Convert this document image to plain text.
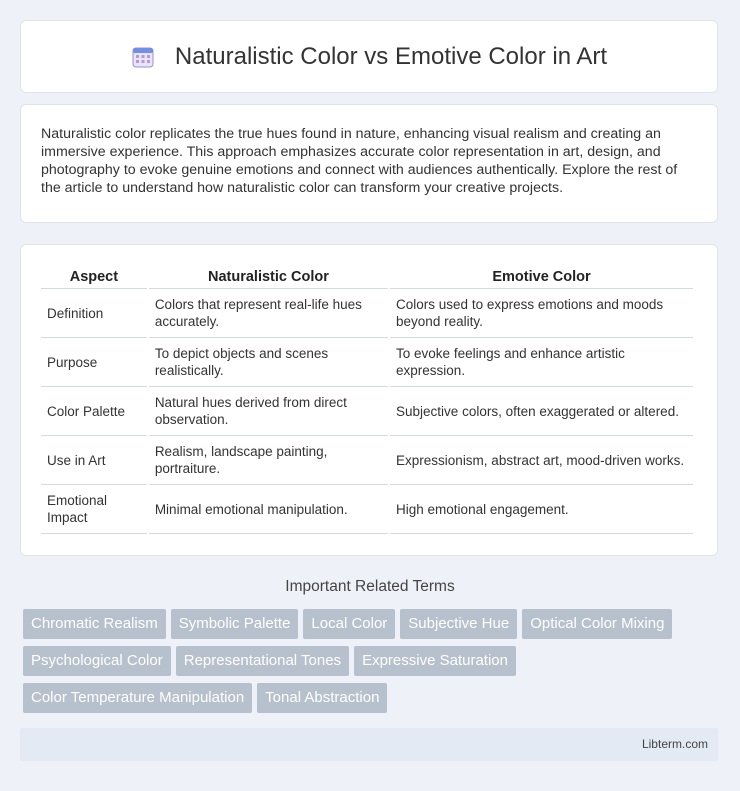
Naturalistic Color vs Emotive Color in Art

Naturalistic color replicates the true hues found in nature, enhancing visual realism and creating an immersive experience. This approach emphasizes accurate color representation in art, design, and photography to evoke genuine emotions and connect with audiences authentically. Explore the rest of the article to understand how naturalistic color can transform your creative projects.

Aspect	Naturalistic Color	Emotive Color
Definition	Colors that represent real-life hues accurately.	Colors used to express emotions and moods beyond reality.
Purpose	To depict objects and scenes realistically.	To evoke feelings and enhance artistic expression.
Color Palette	Natural hues derived from direct observation.	Subjective colors, often exaggerated or altered.
Use in Art	Realism, landscape painting, portraiture.	Expressionism, abstract art, mood-driven works.
Emotional Impact	Minimal emotional manipulation.	High emotional engagement.
Important Related Terms
Chromatic Realism Symbolic Palette Local Color Subjective Hue Optical Color Mixing
Psychological Color Representational Tones Expressive Saturation
Color Temperature Manipulation Tonal Abstraction
Libterm.com
